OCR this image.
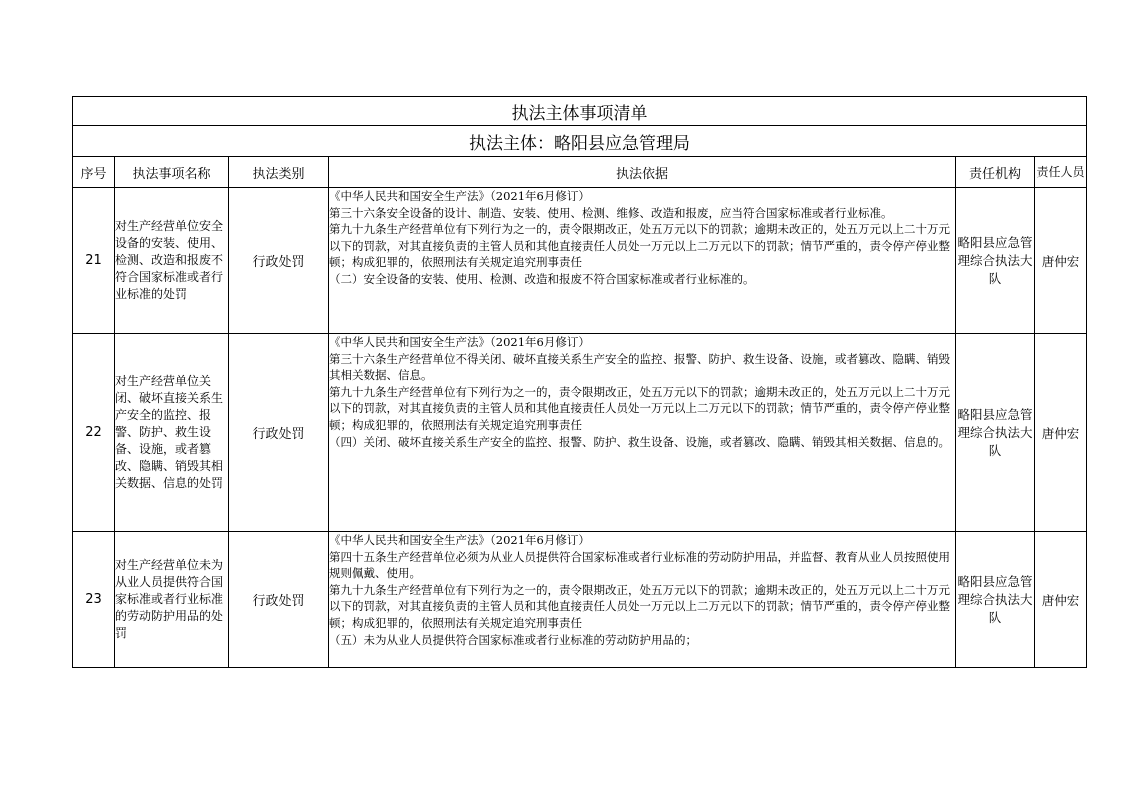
执法主体事项清单					
执法主体：略阳县应急管理局					
序号	执法事项名称	执法类别	执法依据	责任机构	责任人员
21	对生产经营单位安全设备的安装、使用、检测、改造和报废不符合国家标准或者行业标准的处罚	行政处罚	《中华人民共和国安全生产法》（2021年6月修订）
第三十六条安全设备的设计、制造、安装、使用、检测、维修、改造和报废，应当符合国家标准或者行业标准。
第九十九条生产经营单位有下列行为之一的，责令限期改正，处五万元以下的罚款；逾期未改正的，处五万元以上二十万元以下的罚款，对其直接负责的主管人员和其他直接责任人员处一万元以上二万元以下的罚款；情节严重的，责令停产停业整顿；构成犯罪的，依照刑法有关规定追究刑事责任
（二）安全设备的安装、使用、检测、改造和报废不符合国家标准或者行业标准的。	略阳县应急管理综合执法大队	唐仲宏
22	对生产经营单位关闭、破坏直接关系生产安全的监控、报警、防护、救生设备、设施，或者篡改、隐瞒、销毁其相关数据、信息的处罚	行政处罚	《中华人民共和国安全生产法》（2021年6月修订）
第三十六条生产经营单位不得关闭、破坏直接关系生产安全的监控、报警、防护、救生设备、设施，或者篡改、隐瞒、销毁其相关数据、信息。
第九十九条生产经营单位有下列行为之一的，责令限期改正，处五万元以下的罚款；逾期未改正的，处五万元以上二十万元以下的罚款，对其直接负责的主管人员和其他直接责任人员处一万元以上二万元以下的罚款；情节严重的，责令停产停业整顿；构成犯罪的，依照刑法有关规定追究刑事责任
（四）关闭、破坏直接关系生产安全的监控、报警、防护、救生设备、设施，或者篡改、隐瞒、销毁其相关数据、信息的。	略阳县应急管理综合执法大队	唐仲宏
23	对生产经营单位未为从业人员提供符合国家标准或者行业标准的劳动防护用品的处罚	行政处罚	《中华人民共和国安全生产法》（2021年6月修订）
第四十五条生产经营单位必须为从业人员提供符合国家标准或者行业标准的劳动防护用品，并监督、教育从业人员按照使用规则佩戴、使用。
第九十九条生产经营单位有下列行为之一的，责令限期改正，处五万元以下的罚款；逾期未改正的，处五万元以上二十万元以下的罚款，对其直接负责的主管人员和其他直接责任人员处一万元以上二万元以下的罚款；情节严重的，责令停产停业整顿；构成犯罪的，依照刑法有关规定追究刑事责任
（五）未为从业人员提供符合国家标准或者行业标准的劳动防护用品的；	略阳县应急管理综合执法大队	唐仲宏
